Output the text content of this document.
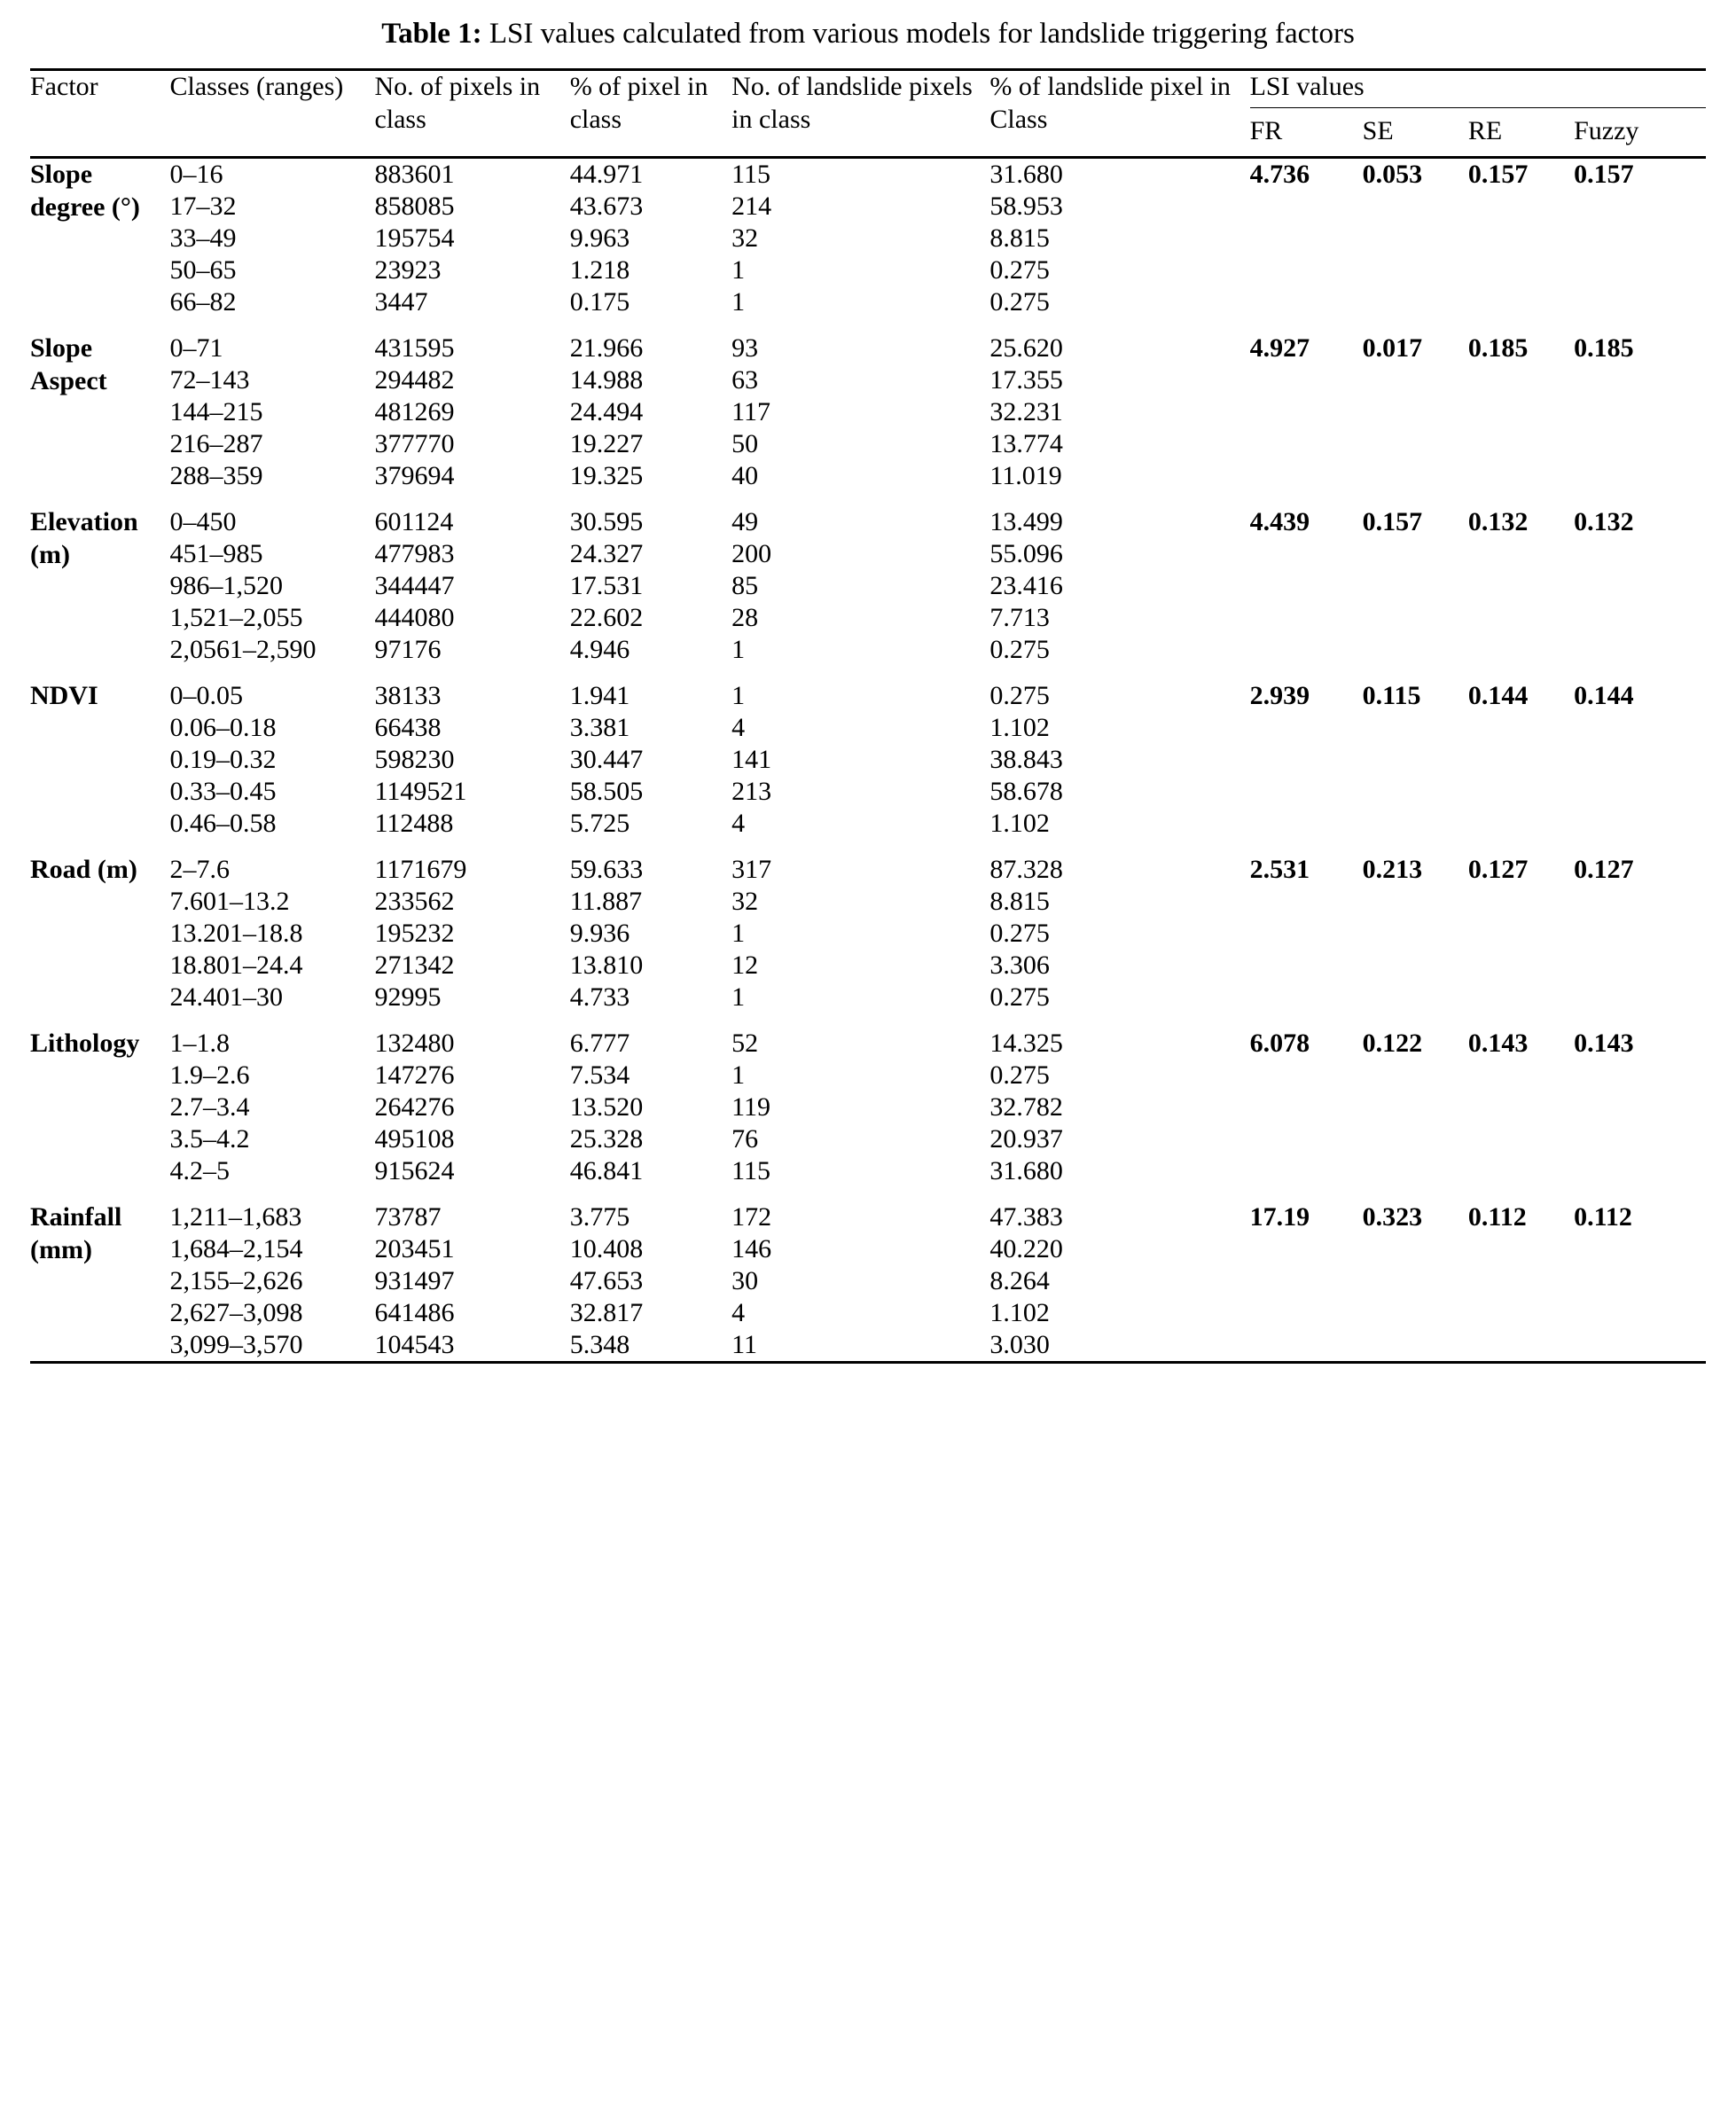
Table 1: LSI values calculated from various models for landslide triggering factors
Factor	Classes (ranges)	No. of pixels in class	% of pixel in class	No. of landslide pixels in class	% of landslide pixel in Class	LSI values			
						FR	SE	RE	Fuzzy
Slope degree (°)	0–16	883601	44.971	115	31.680	4.736	0.053	0.157	0.157
	17–32	858085	43.673	214	58.953				
	33–49	195754	9.963	32	8.815				
	50–65	23923	1.218	1	0.275				
	66–82	3447	0.175	1	0.275				
Slope Aspect	0–71	431595	21.966	93	25.620	4.927	0.017	0.185	0.185
	72–143	294482	14.988	63	17.355				
	144–215	481269	24.494	117	32.231				
	216–287	377770	19.227	50	13.774				
	288–359	379694	19.325	40	11.019				
Elevation (m)	0–450	601124	30.595	49	13.499	4.439	0.157	0.132	0.132
	451–985	477983	24.327	200	55.096				
	986–1,520	344447	17.531	85	23.416				
	1,521–2,055	444080	22.602	28	7.713				
	2,0561–2,590	97176	4.946	1	0.275				
NDVI	0–0.05	38133	1.941	1	0.275	2.939	0.115	0.144	0.144
	0.06–0.18	66438	3.381	4	1.102				
	0.19–0.32	598230	30.447	141	38.843				
	0.33–0.45	1149521	58.505	213	58.678				
	0.46–0.58	112488	5.725	4	1.102				
Road (m)	2–7.6	1171679	59.633	317	87.328	2.531	0.213	0.127	0.127
	7.601–13.2	233562	11.887	32	8.815				
	13.201–18.8	195232	9.936	1	0.275				
	18.801–24.4	271342	13.810	12	3.306				
	24.401–30	92995	4.733	1	0.275				
Lithology	1–1.8	132480	6.777	52	14.325	6.078	0.122	0.143	0.143
	1.9–2.6	147276	7.534	1	0.275				
	2.7–3.4	264276	13.520	119	32.782				
	3.5–4.2	495108	25.328	76	20.937				
	4.2–5	915624	46.841	115	31.680				
Rainfall (mm)	1,211–1,683	73787	3.775	172	47.383	17.19	0.323	0.112	0.112
	1,684–2,154	203451	10.408	146	40.220				
	2,155–2,626	931497	47.653	30	8.264				
	2,627–3,098	641486	32.817	4	1.102				
	3,099–3,570	104543	5.348	11	3.030				
